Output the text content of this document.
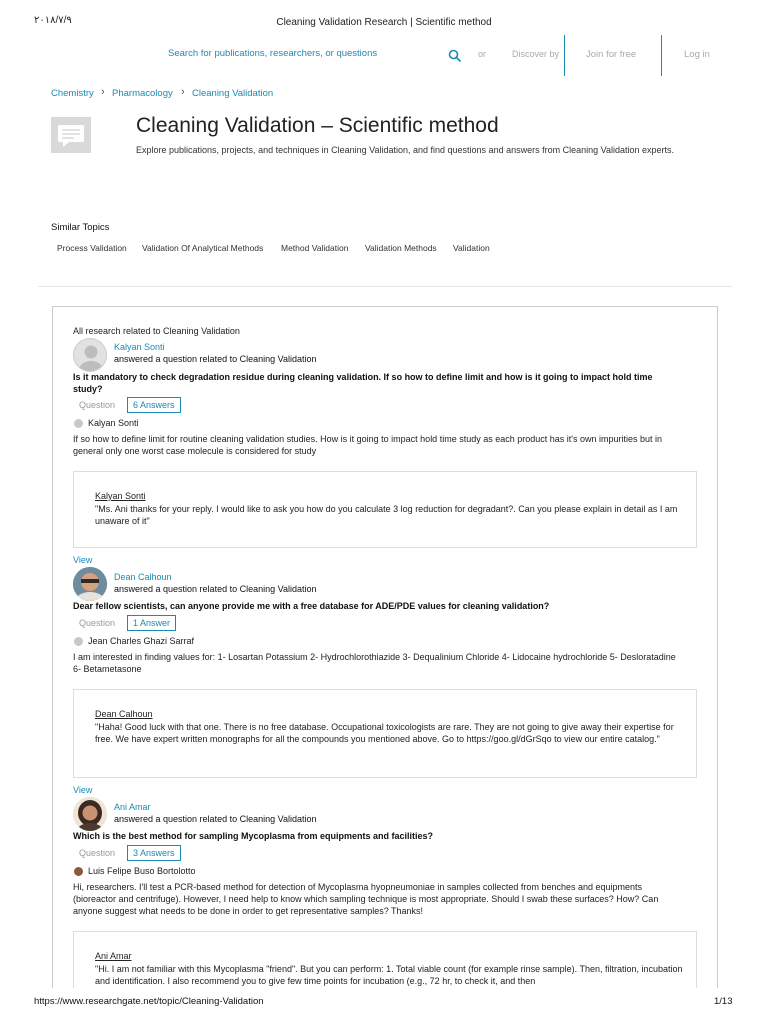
٢٠١٨/٧/٩	Cleaning Validation Research | Scientific method
Search for publications, researchers, or questions	or	Discover by	Join for free	Log in
Chemistry › Pharmacology › Cleaning Validation
Cleaning Validation – Scientific method
Explore publications, projects, and techniques in Cleaning Validation, and find questions and answers from Cleaning Validation experts.
Similar Topics
Process Validation Validation Of Analytical Methods Method Validation Validation Methods Validation
All research related to Cleaning Validation
Kalyan Sonti
answered a question related to Cleaning Validation
Is it mandatory to check degradation residue during cleaning validation. If so how to define limit and how is it going to impact hold time study?
Question	6 Answers
Kalyan Sonti
If so how to define limit for routine cleaning validation studies. How is it going to impact hold time study as each product has it's own impurities but in general only one worst case molecule is considered for study
Kalyan Sonti
"Ms. Ani thanks for your reply. I would like to ask you how do you calculate 3 log reduction for degradant?. Can you please explain in detail as I am unaware of it"
View
Dean Calhoun
answered a question related to Cleaning Validation
Dear fellow scientists, can anyone provide me with a free database for ADE/PDE values for cleaning validation?
Question	1 Answer
Jean Charles Ghazi Sarraf
I am interested in finding values for: 1- Losartan Potassium 2- Hydrochlorothiazide 3- Dequalinium Chloride 4- Lidocaine hydrochloride 5- Desloratadine 6- Betametasone
Dean Calhoun
"Haha! Good luck with that one. There is no free database. Occupational toxicologists are rare. They are not going to give away their expertise for free. We have expert written monographs for all the compounds you mentioned above. Go to https://goo.gl/dGrSqo to view our entire catalog."
View
Ani Amar
answered a question related to Cleaning Validation
Which is the best method for sampling Mycoplasma from equipments and facilities?
Question	3 Answers
Luis Felipe Buso Bortolotto
Hi, researchers. I'll test a PCR-based method for detection of Mycoplasma hyopneumoniae in samples collected from benches and equipments (bioreactor and centrifuge). However, I need help to know which sampling technique is most appropriate. Should I swab these surfaces? How? Can anyone suggest what needs to be done in order to get representative samples? Thanks!
Ani Amar
"Hi. I am not familiar with this Mycoplasma "friend". But you can perform: 1. Total viable count (for example rinse sample). Then, filtration, incubation and identification. I also recommend you to give few time points for incubation (e.g., 72 hr, to check it, and then
https://www.researchgate.net/topic/Cleaning-Validation	1/13
